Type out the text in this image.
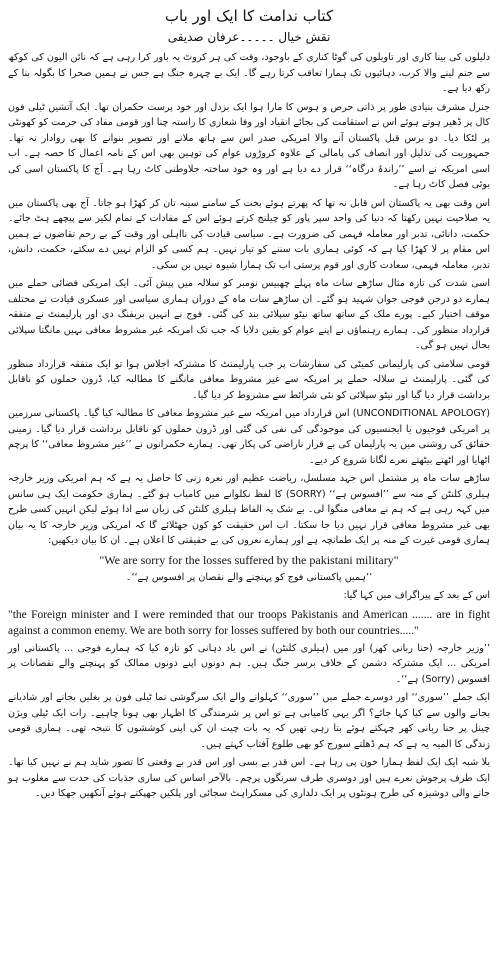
کتاب ندامت کا ایک اور باب
نقش خیال ۔۔۔۔۔عرفان صدیقی

دلیلوں کی بینا کاری اور تاویلوں کی گوٹا کناری کے باوجود، وقت کی ہر کروٹ یہ باور کرا رہی ہے کہ نائن الیون کی کوکھ سے جنم لینے والا کرب، دہائیوں تک ہمارا تعاقب کرتا رہے گا۔ ایک بے چہرہ جنگ ہے جس نے ہمیں صحرا کا بگولہ بنا کے رکھ دیا ہے۔

جنرل مشرف بنیادی طور پر ذاتی حرص و ہوس کا مارا ہوا ایک بزدل اور خود پرست حکمران تھا۔ ایک آتشیں ٹیلی فون کال پر ڈھیر ہوتے ہوئے اس نے استقامت کی بجائے انقیاد اور وفا شعاری کا راستہ چنا اور قومی مفاد کی حرمت کو کھونٹی پر لٹکا دیا۔ دو برس قبل پاکستان آنے والا امریکی صدر اس سے ہاتھ ملانے اور تصویر بنوانے کا بھی روادار نہ تھا۔ جمہوریت کی تذلیل اور انصاف کی پامالی کے علاوہ کروڑوں عوام کی توہین بھی اس کے نامہ اعمال کا حصہ ہے۔ اب اسی امریکہ نے اسے ’’راندۂ درگاہ‘‘ قرار دے دیا ہے اور وہ خود ساختہ جلاوطنی کاٹ رہا ہے۔ آج کا پاکستان اسی کی بوئی فصل کاٹ رہا ہے۔

اس وقت بھی یہ پاکستان اس قابل نہ تھا کہ پھرتے ہوئے بخت کے سامنے سینہ تان کر کھڑا ہو جاتا۔ آج بھی پاکستان میں یہ صلاحیت نہیں رکھتا کہ دنیا کی واحد سپر پاور کو چیلنج کرتے ہوئے اس کے مفادات کے تمام لکیر سے پیچھے ہٹ جائے۔ حکمت، دانائی، تدبر اور معاملہ فہمی کی ضرورت ہے۔ سیاسی قیادت کی نااہلی اور وقت کے بے رحم تقاضوں نے ہمیں اس مقام پر لا کھڑا کیا ہے کہ کوئی ہماری بات سننے کو تیار نہیں۔ ہم کسی کو الزام نہیں دے سکتے، حکمت، دانش، تدبر، معاملہ فہمی، سعادت کاری اور قوم پرستی اب تک ہمارا شیوہ نہیں بن سکی۔

اسی شدت کی تازہ مثال ساڑھے سات ماہ پہلے چھبیس نومبر کو سلالہ میں پیش آئی۔ ایک امریکی فضائی حملے میں ہمارے دو درجن فوجی جوان شہید ہو گئے۔ ان ساڑھے سات ماہ کے دوران ہماری سیاسی اور عسکری قیادت نے مختلف موقف اختیار کیے۔ پورے ملک کے ساتھ ساتھ نیٹو سپلائی بند کی گئی۔ فوج نے انہیں بریفنگ دی اور پارلیمنٹ نے متفقہ قرارداد منظور کی۔ ہمارے رہنماؤں نے اپنے عوام کو یقین دلایا کہ جب تک امریکہ غیر مشروط معافی نہیں مانگتا سپلائی بحال نہیں ہو گی۔

قومی سلامتی کی پارلیمانی کمیٹی کی سفارشات پر جب پارلیمنٹ کا مشترکہ اجلاس ہوا تو ایک متفقہ قرارداد منظور کی گئی۔ پارلیمنٹ نے سلالہ حملے پر امریکہ سے غیر مشروط معافی مانگنے کا مطالبہ کیا، ڈرون حملوں کو ناقابل برداشت قرار دیا گیا اور نیٹو سپلائی کو نئی شرائط سے مشروط کر دیا گیا۔

(UNCONDITIONAL APOLOGY) اس قرارداد میں امریکہ سے غیر مشروط معافی کا مطالبہ کیا گیا۔ پاکستانی سرزمین پر امریکی فوجیوں یا ایجنسیوں کی موجودگی کی نفی کی گئی اور ڈرون حملوں کو ناقابل برداشت قرار دیا گیا۔ زمینی حقائق کی روشنی میں یہ پارلیمان کی بے قرار ناراضی کی پکار تھی۔ ہمارے حکمرانوں نے ’’غیر مشروط معافی‘‘ کا پرچم اٹھایا اور اٹھتے بیٹھتے نعرے لگانا شروع کر دیے۔

ساڑھے سات ماہ پر مشتمل اس جہد مسلسل، ریاضت عظیم اور نعرہ زنی کا حاصل یہ ہے کہ ہم امریکی وزیر خارجہ ہیلری کلنٹن کے منہ سے ’’افسوس ہے‘‘ (SORRY) کا لفظ نکلوانے میں کامیاب ہو گئے۔ ہماری حکومت ایک ہی سانس میں کہہ رہی ہے کہ ہم نے معافی منگوا لی۔ بے شک یہ الفاظ ہیلری کلنٹن کی زبان سے ادا ہوئے لیکن انہیں کسی طرح بھی غیر مشروط معافی قرار نہیں دیا جا سکتا۔ اب اس حقیقت کو کون جھٹلائے گا کہ امریکی وزیر خارجہ کا یہ بیان ہماری قومی غیرت کے منہ پر ایک طمانچہ ہے اور ہمارے نعروں کی بے حقیقتی کا اعلان ہے۔ ان کا بیان دیکھیں:

"We are sorry for the losses suffered by the pakistani military"

’’ہمیں پاکستانی فوج کو پہنچنے والے نقصان پر افسوس ہے‘‘۔

اس کے بعد کے پیراگراف میں کہا گیا:

"the Foreign minister and I were reminded that our troops Pakistanis and American ....... are in fight against a common enemy. We are both sorry for losses suffered by both our countries....."

’’وزیر خارجہ (حنا ربانی کھر) اور میں (ہیلری کلنٹن) نے اس یاد دہانی کو تازہ کیا کہ ہمارے فوجی ... پاکستانی اور امریکی ... ایک مشترکہ دشمن کے خلاف برسر جنگ ہیں۔ ہم دونوں اپنے دونوں ممالک کو پہنچنے والے نقصانات پر افسوس (Sorry) ہے‘‘۔

ایک جملے ’’سوری‘‘ اور دوسرے جملے میں ’’سوری‘‘ کہلوانے والے ایک سرگوشی نما ٹیلی فون پر بغلیں بجانے اور شادیانے بجانے والوں سے کیا کہا جائے؟ اگر یہی کامیابی ہے تو اس پر شرمندگی کا اظہار بھی ہونا چاہیے۔ رات ایک ٹیلی ویژن چینل پر حنا ربانی کھر چہکتے ہوئے بتا رہی تھیں کہ یہ بات چیت ان کی اپنی کوششوں کا نتیجہ تھی۔ ہماری قومی زندگی کا المیہ یہ ہے کہ ہم ڈھلتے سورج کو بھی طلوع آفتاب کہتے ہیں۔

بلا شبہ ایک ایک لفظ ہمارا خون پی رہا ہے۔ اس قدر بے بسی اور اس قدر بے وقعتی کا تصور شاید ہم نے نہیں کیا تھا۔ ایک طرف پرجوش نعرے ہیں اور دوسری طرف سرنگوں پرچم۔ بالآخر اساس کی ساری جذبات کی حدت سے مغلوب ہو جانے والی دوشیزہ کی طرح ہونٹوں پر ایک دلداری کی مسکراہٹ سجائی اور پلکیں جھپکتے ہوئے آنکھیں جھکا دیں۔
